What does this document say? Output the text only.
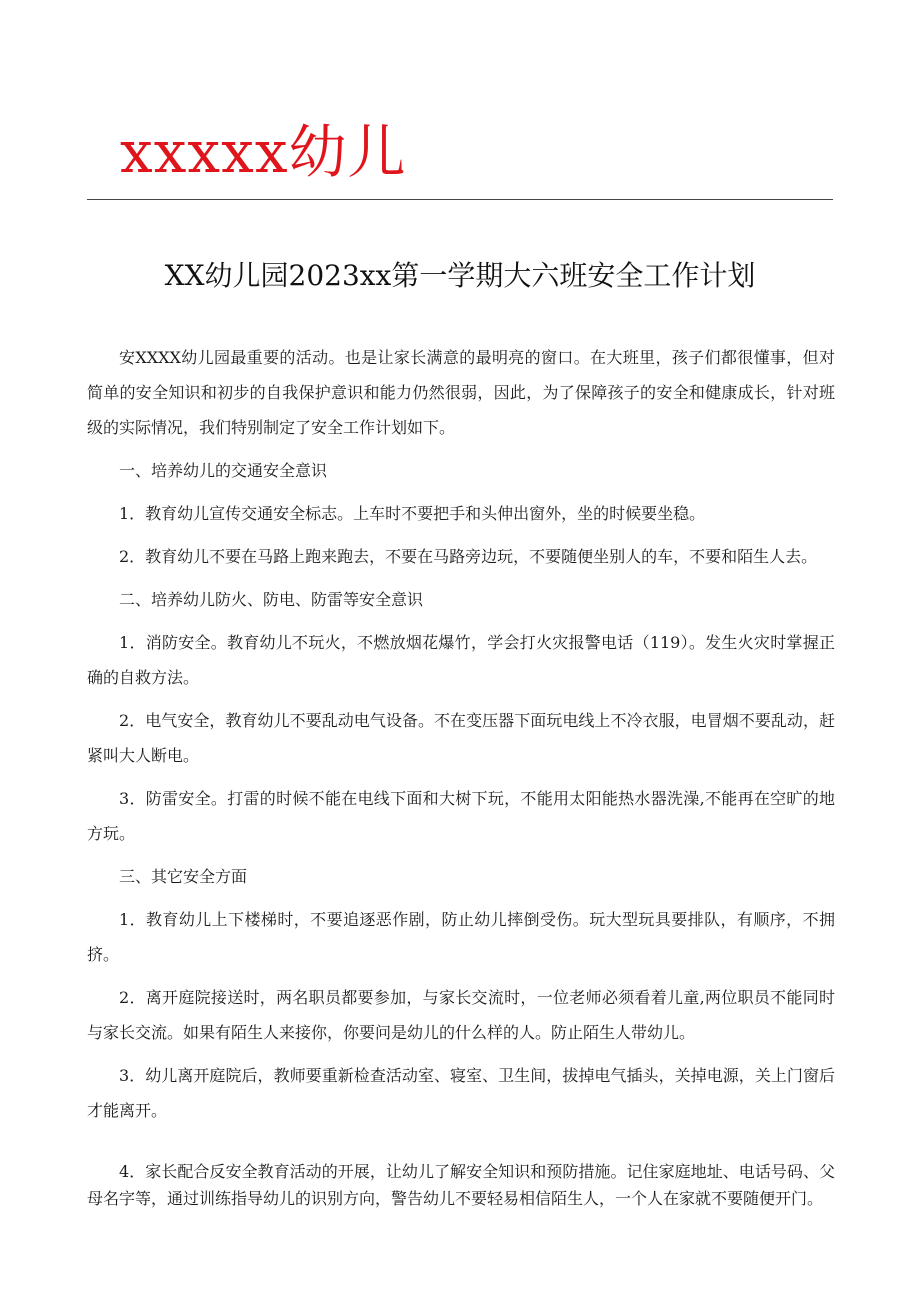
xxxxx幼儿
XX幼儿园2023xx第一学期大六班安全工作计划

安XXXX幼儿园最重要的活动。也是让家长满意的最明亮的窗口。在大班里，孩子们都很懂事，但对简单的安全知识和初步的自我保护意识和能力仍然很弱，因此，为了保障孩子的安全和健康成长，针对班级的实际情况，我们特别制定了安全工作计划如下。

一、培养幼儿的交通安全意识

1．教育幼儿宣传交通安全标志。上车时不要把手和头伸出窗外，坐的时候要坐稳。

2．教育幼儿不要在马路上跑来跑去，不要在马路旁边玩，不要随便坐别人的车，不要和陌生人去。

二、培养幼儿防火、防电、防雷等安全意识

1．消防安全。教育幼儿不玩火，不燃放烟花爆竹，学会打火灾报警电话（119）。发生火灾时掌握正确的自救方法。

2．电气安全，教育幼儿不要乱动电气设备。不在变压器下面玩电线上不冷衣服，电冒烟不要乱动，赶紧叫大人断电。

3．防雷安全。打雷的时候不能在电线下面和大树下玩，不能用太阳能热水器洗澡,不能再在空旷的地方玩。

三、其它安全方面

1．教育幼儿上下楼梯时，不要追逐恶作剧，防止幼儿摔倒受伤。玩大型玩具要排队，有顺序，不拥挤。

2．离开庭院接送时，两名职员都要参加，与家长交流时，一位老师必须看着儿童,两位职员不能同时与家长交流。如果有陌生人来接你，你要问是幼儿的什么样的人。防止陌生人带幼儿。

3．幼儿离开庭院后，教师要重新检查活动室、寝室、卫生间，拔掉电气插头，关掉电源，关上门窗后才能离开。

4．家长配合反安全教育活动的开展，让幼儿了解安全知识和预防措施。记住家庭地址、电话号码、父母名字等，通过训练指导幼儿的识别方向，警告幼儿不要轻易相信陌生人，一个人在家就不要随便开门。
